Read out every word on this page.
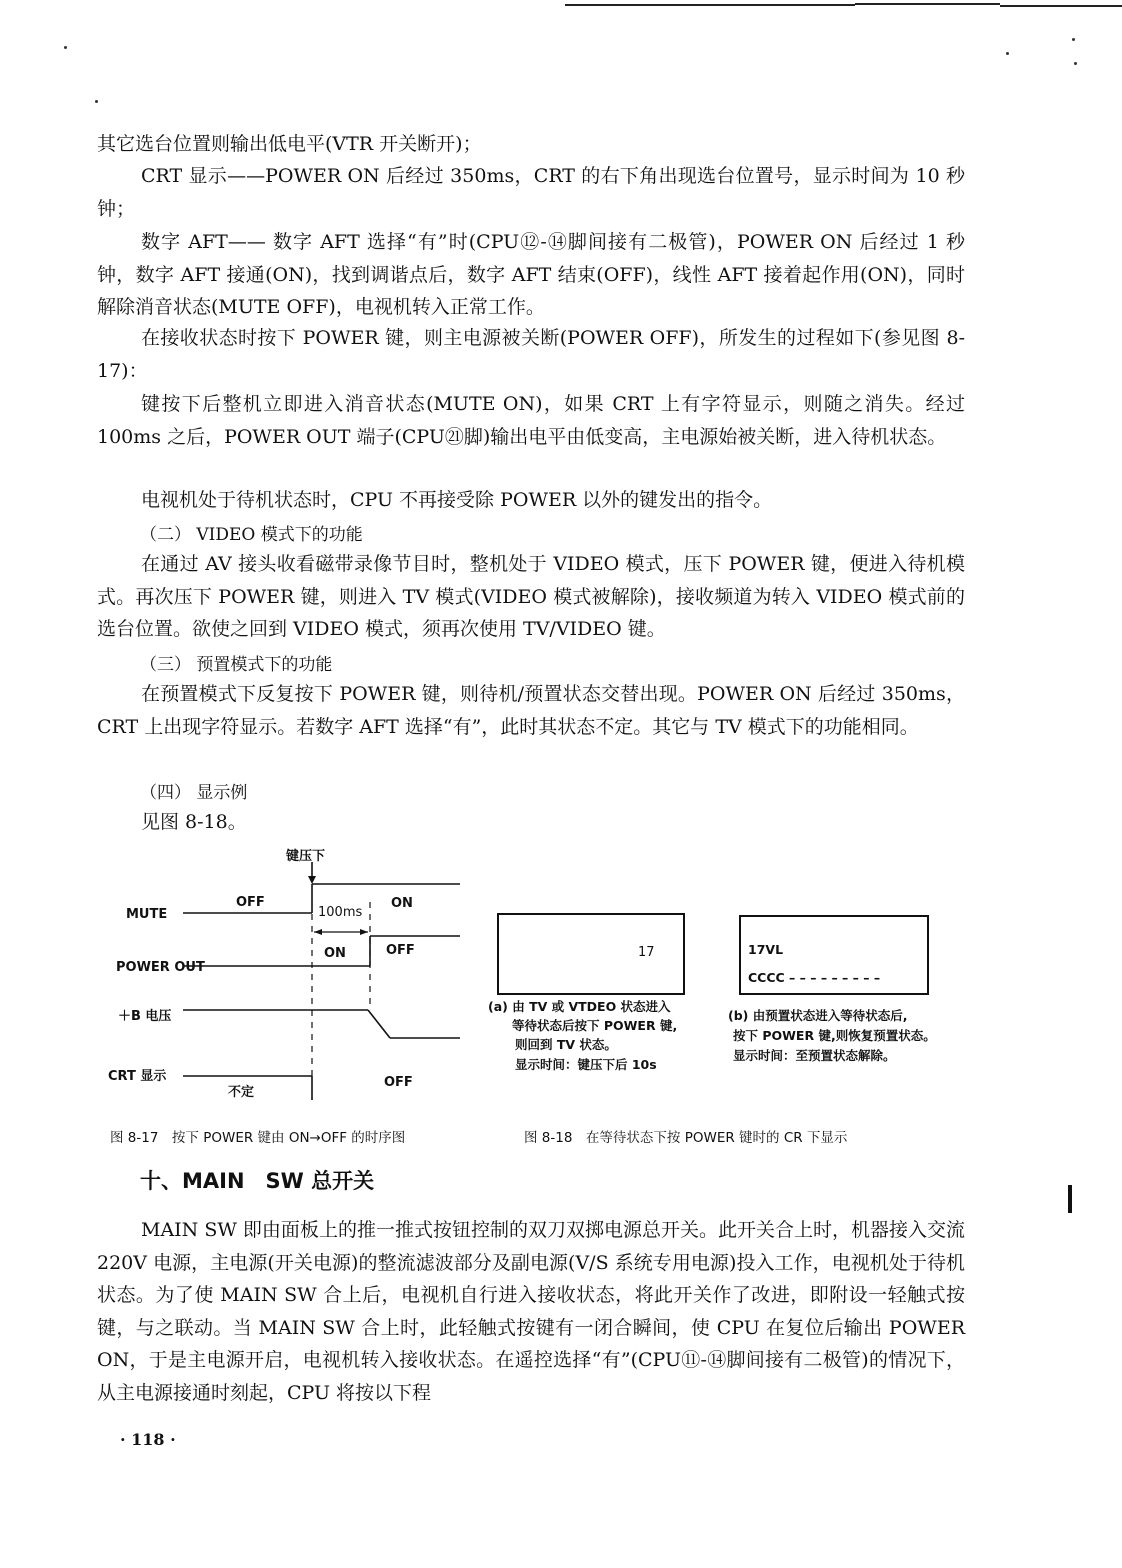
其它选台位置则输出低电平(VTR 开关断开)；

CRT 显示——POWER ON 后经过 350ms，CRT 的右下角出现选台位置号，显示时间为 10 秒钟；

数字 AFT—— 数字 AFT 选择“有”时(CPU⑫-⑭脚间接有二极管)，POWER ON 后经过 1 秒钟，数字 AFT 接通(ON)，找到调谐点后，数字 AFT 结束(OFF)，线性 AFT 接着起作用(ON)，同时解除消音状态(MUTE OFF)，电视机转入正常工作。

在接收状态时按下 POWER 键，则主电源被关断(POWER OFF)，所发生的过程如下(参见图 8-17)：

键按下后整机立即进入消音状态(MUTE ON)，如果 CRT 上有字符显示，则随之消失。经过 100ms 之后，POWER OUT 端子(CPU㉑脚)输出电平由低变高，主电源始被关断，进入待机状态。

电视机处于待机状态时，CPU 不再接受除 POWER 以外的键发出的指令。

（二） VIDEO 模式下的功能

在通过 AV 接头收看磁带录像节目时，整机处于 VIDEO 模式，压下 POWER 键，便进入待机模式。再次压下 POWER 键，则进入 TV 模式(VIDEO 模式被解除)，接收频道为转入 VIDEO 模式前的选台位置。欲使之回到 VIDEO 模式，须再次使用 TV/VIDEO 键。

（三） 预置模式下的功能

在预置模式下反复按下 POWER 键，则待机/预置状态交替出现。POWER ON 后经过 350ms，CRT 上出现字符显示。若数字 AFT 选择“有”，此时其状态不定。其它与 TV 模式下的功能相同。

（四） 显示例

见图 8-18。

键压下
MUTE
OFF	ON
100ms
POWER OUT
ON	OFF
＋B 电压
CRT 显示
不定
OFF
17
(a) 由 TV 或 VTDEO 状态进入
等待状态后按下 POWER 键,
则回到 TV 状态。
显示时间：键压下后 10s
17VL
CCCC – – – – – – – – –
(b) 由预置状态进入等待状态后,
按下 POWER 键,则恢复预置状态。
显示时间：至预置状态解除。

图 8-17　按下 POWER 键由 ON→OFF 的时序图	图 8-18　在等待状态下按 POWER 键时的 CR 下显示

十、MAIN　SW 总开关

MAIN SW 即由面板上的推一推式按钮控制的双刀双掷电源总开关。此开关合上时，机器接入交流 220V 电源，主电源(开关电源)的整流滤波部分及副电源(V/S 系统专用电源)投入工作，电视机处于待机状态。为了使 MAIN SW 合上后，电视机自行进入接收状态，将此开关作了改进，即附设一轻触式按键，与之联动。当 MAIN SW 合上时，此轻触式按键有一闭合瞬间，使 CPU 在复位后输出 POWER ON，于是主电源开启，电视机转入接收状态。在遥控选择“有”(CPU⑪-⑭脚间接有二极管)的情况下，从主电源接通时刻起，CPU 将按以下程

· 118 ·
